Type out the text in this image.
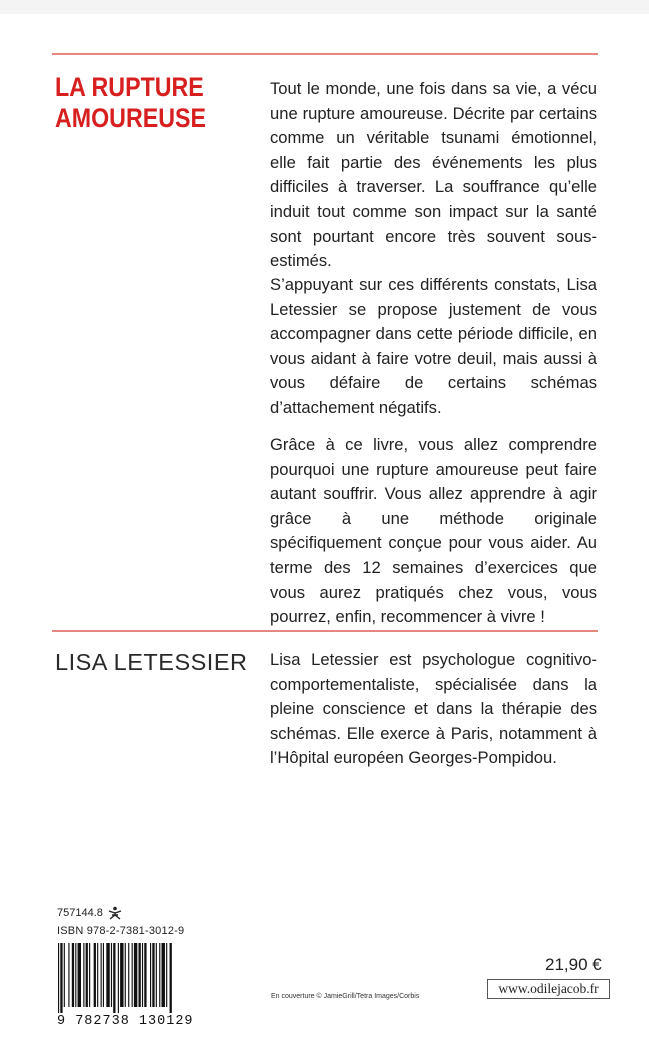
LA RUPTURE
AMOUREUSE
Tout le monde, une fois dans sa vie, a vécu une rupture amoureuse. Décrite par certains comme un véritable tsunami émotionnel, elle fait partie des événements les plus difficiles à traverser. La souffrance qu’elle induit tout comme son impact sur la santé sont pourtant encore très souvent sous-estimés.
S’appuyant sur ces différents constats, Lisa Letessier se propose justement de vous accompagner dans cette période difficile, en vous aidant à faire votre deuil, mais aussi à vous défaire de certains schémas d’attachement négatifs.
Grâce à ce livre, vous allez comprendre pourquoi une rupture amoureuse peut faire autant souffrir. Vous allez apprendre à agir grâce à une méthode originale spécifiquement conçue pour vous aider. Au terme des 12 semaines d’exercices que vous aurez pratiqués chez vous, vous pourrez, enfin, recommencer à vivre !
LISA LETESSIER Lisa Letessier est psychologue cognitivo-comportementaliste, spécialisée dans la pleine conscience et dans la thérapie des schémas. Elle exerce à Paris, notamment à l’Hôpital européen Georges-Pompidou.
757144.8
ISBN 978-2-7381-3012-9
9 782738 130129
En couverture © JamieGrill/Tetra Images/Corbis
21,90 €
www.odilejacob.fr
